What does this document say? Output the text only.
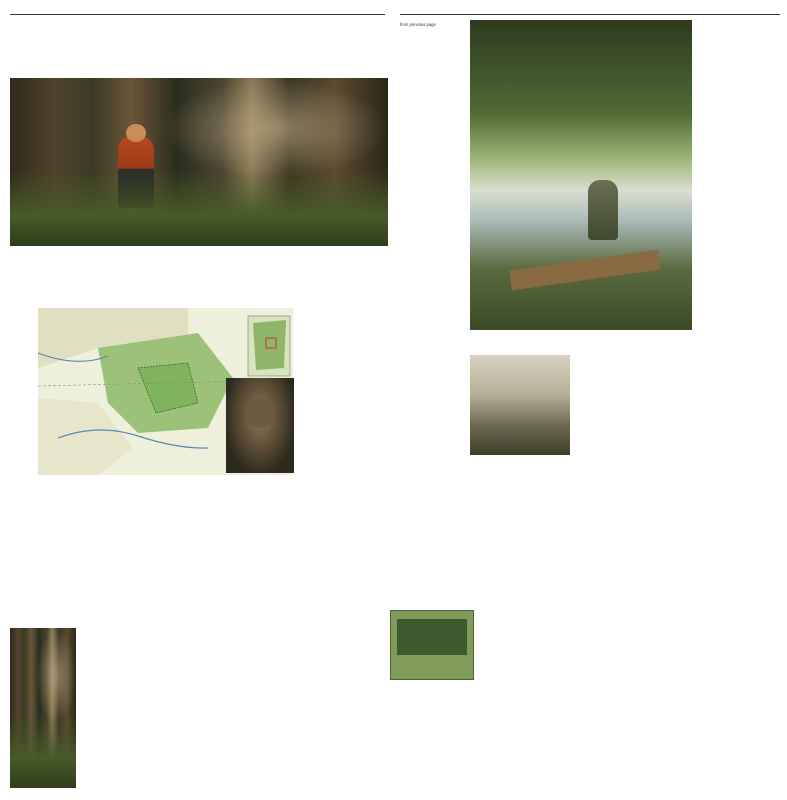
from previous page
